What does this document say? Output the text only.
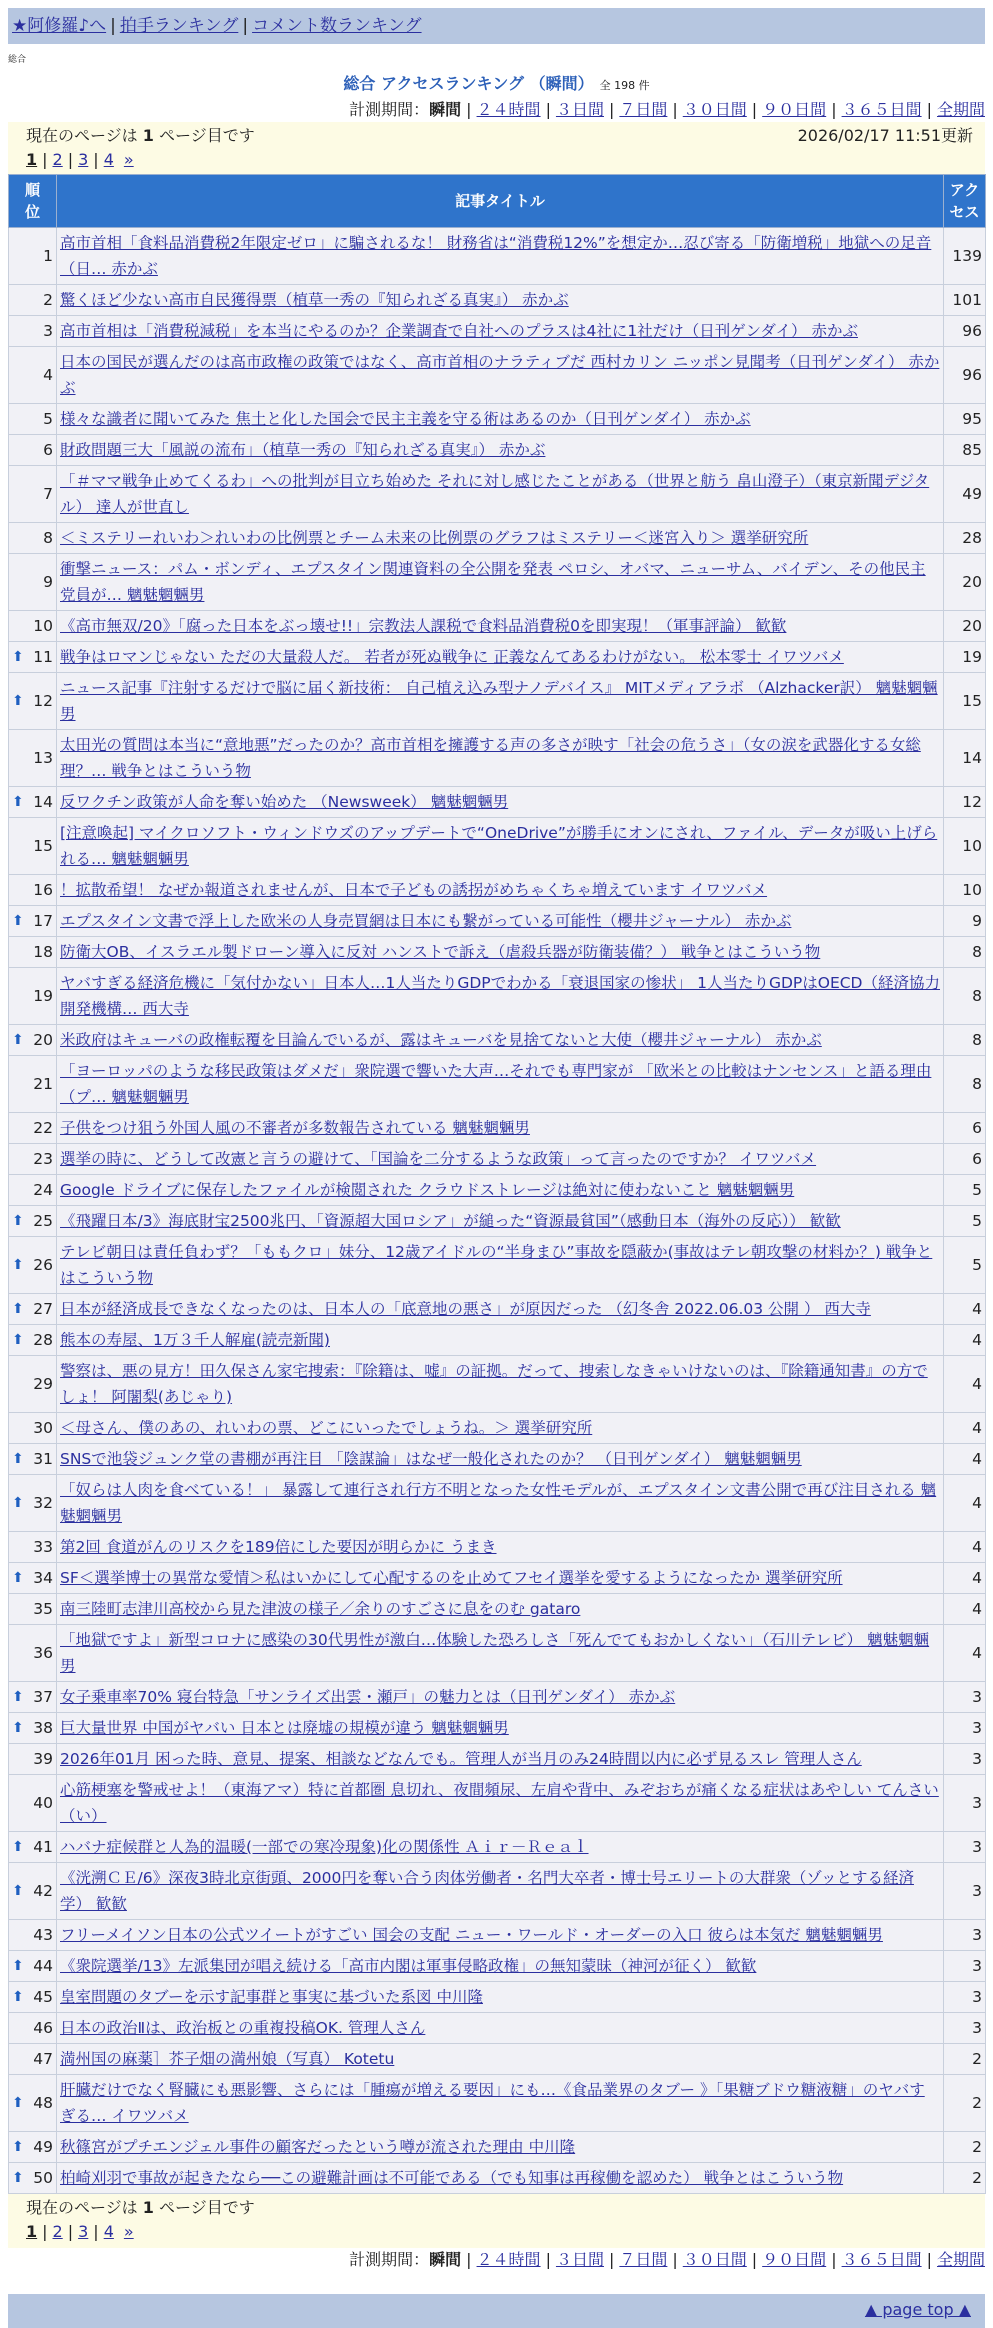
★阿修羅♪へ | 拍手ランキング | コメント数ランキング
総合
総合 アクセスランキング （瞬間） 全 198 件
計測期間：瞬間 | ２４時間 | ３日間 | ７日間 | ３０日間 | ９０日間 | ３６５日間 | 全期間
現在のページは 1 ページ目です	2026/02/17 11:51更新
1 | 2 | 3 | 4 »
順位	記事タイトル	アクセス
1	高市首相「食料品消費税2年限定ゼロ」に騙されるな！ 財務省は“消費税12%”を想定か…忍び寄る「防衛増税」地獄への足音（日… 赤かぶ	139
2	驚くほど少ない高市自民獲得票（植草一秀の『知られざる真実』） 赤かぶ	101
3	高市首相は「消費税減税」を本当にやるのか？企業調査で自社へのプラスは4社に1社だけ（日刊ゲンダイ） 赤かぶ	96
4	日本の国民が選んだのは高市政権の政策ではなく、高市首相のナラティブだ 西村カリン ニッポン見聞考（日刊ゲンダイ） 赤かぶ	96
5	様々な識者に聞いてみた 焦土と化した国会で民主主義を守る術はあるのか（日刊ゲンダイ） 赤かぶ	95
6	財政問題三大「風説の流布」（植草一秀の『知られざる真実』） 赤かぶ	85
7	「＃ママ戦争止めてくるわ」への批判が目立ち始めた それに対し感じたことがある（世界と舫う 畠山澄子）（東京新聞デジタル） 達人が世直し	49
8	＜ミステリーれいわ＞れいわの比例票とチーム未来の比例票のグラフはミステリー＜迷宮入り＞ 選挙研究所	28
9	衝撃ニュース：パム・ボンディ、エプスタイン関連資料の全公開を発表 ペロシ、オバマ、ニューサム、バイデン、その他民主党員が… 魑魅魍魎男	20
10	《高市無双/20》「腐った日本をぶっ壊せ!!」宗教法人課税で食料品消費税0を即実現！（軍事評論） 歓歓	20

⬆ 11	戦争はロマンじゃない ただの大量殺人だ。 若者が死ぬ戦争に 正義なんてあるわけがない。 松本零士 イワツバメ	19

⬆ 12	ニュース記事『注射するだけで脳に届く新技術： 自己植え込み型ナノデバイス』 MITメディアラボ （Alzhacker訳） 魑魅魍魎男	15
13	太田光の質問は本当に“意地悪”だったのか？高市首相を擁護する声の多さが映す「社会の危うさ」（女の涙を武器化する女総理？… 戦争とはこういう物	14

⬆ 14	反ワクチン政策が人命を奪い始めた （Newsweek） 魑魅魍魎男	12
15	[注意喚起] マイクロソフト・ウィンドウズのアップデートで“OneDrive”が勝手にオンにされ、ファイル、データが吸い上げられる… 魑魅魍魎男	10
16	！拡散希望！ なぜか報道されませんが、日本で子どもの誘拐がめちゃくちゃ増えています イワツバメ	10

⬆ 17	エプスタイン文書で浮上した欧米の人身売買網は日本にも繋がっている可能性（櫻井ジャーナル） 赤かぶ	9
18	防衛大OB、イスラエル製ドローン導入に反対 ハンストで訴え（虐殺兵器が防衛装備？） 戦争とはこういう物	8
19	ヤバすぎる経済危機に「気付かない」日本人…1人当たりGDPでわかる「衰退国家の惨状」 1人当たりGDPはOECD（経済協力開発機構… 西大寺	8

⬆ 20	米政府はキューバの政権転覆を目論んでいるが、露はキューバを見捨てないと大使（櫻井ジャーナル） 赤かぶ	8
21	「ヨーロッパのような移民政策はダメだ」衆院選で響いた大声…それでも専門家が 「欧米との比較はナンセンス」と語る理由（プ… 魑魅魍魎男	8
22	子供をつけ狙う外国人風の不審者が多数報告されている 魑魅魍魎男	6
23	選挙の時に、どうして改憲と言うの避けて、「国論を二分するような政策」って言ったのですか？ イワツバメ	6
24	Google ドライブに保存したファイルが検閲された クラウドストレージは絶対に使わないこと 魑魅魍魎男	5

⬆ 25	《飛躍日本/3》海底財宝2500兆円、「資源超大国ロシア」が縋った“資源最貧国”（感動日本（海外の反応）） 歓歓	5

⬆ 26	テレビ朝日は責任負わず？「ももクロ」妹分、12歳アイドルの“半身まひ”事故を隠蔽か(事故はテレ朝攻撃の材料か？) 戦争とはこういう物	5

⬆ 27	日本が経済成長できなくなったのは、日本人の「底意地の悪さ」が原因だった （幻冬舎 2022.06.03 公開 ） 西大寺	4

⬆ 28	熊本の寿屋、1万３千人解雇(読売新聞)	4
29	警察は、悪の見方！田久保さん家宅捜索：『除籍は、嘘』の証拠。だって、捜索しなきゃいけないのは、『除籍通知書』の方でしょ！ 阿闍梨(あじゃり)	4
30	＜母さん、僕のあの、れいわの票、どこにいったでしょうね。＞ 選挙研究所	4

⬆ 31	SNSで池袋ジュンク堂の書棚が再注目 「陰謀論」はなぜ一般化されたのか？ （日刊ゲンダイ） 魑魅魍魎男	4

⬆ 32	「奴らは人肉を食べている！」 暴露して連行され行方不明となった女性モデルが、エプスタイン文書公開で再び注目される 魑魅魍魎男	4
33	第2回 食道がんのリスクを189倍にした要因が明らかに うまき	4

⬆ 34	SF＜選挙博士の異常な愛情＞私はいかにして心配するのを止めてフセイ選挙を愛するようになったか 選挙研究所	4
35	南三陸町志津川高校から見た津波の様子／余りのすごさに息をのむ gataro	4
36	「地獄ですよ」新型コロナに感染の30代男性が激白…体験した恐ろしさ「死んでてもおかしくない」（石川テレビ） 魑魅魍魎男	4

⬆ 37	女子乗車率70% 寝台特急「サンライズ出雲・瀬戸」の魅力とは（日刊ゲンダイ） 赤かぶ	3

⬆ 38	巨大量世界 中国がヤバい 日本とは廃墟の規模が違う 魑魅魍魎男	3
39	2026年01月 困った時、意見、提案、相談などなんでも。管理人が当月のみ24時間以内に必ず見るスレ 管理人さん	3
40	心筋梗塞を警戒せよ！（東海アマ）特に首都圏 息切れ、夜間頻尿、左肩や背中、みぞおちが痛くなる症状はあやしい てんさい（い）	3

⬆ 41	ハバナ症候群と人為的温暖(一部での寒冷現象)化の関係性 Ａｉｒ－Ｒｅａｌ	3

⬆ 42	《洸溯ＣＥ/6》深夜3時北京街頭、2000円を奪い合う肉体労働者・名門大卒者・博士号エリートの大群衆（ゾッとする経済学） 歓歓	3
43	フリーメイソン日本の公式ツイートがすごい 国会の支配 ニュー・ワールド・オーダーの入口 彼らは本気だ 魑魅魍魎男	3

⬆ 44	《衆院選挙/13》左派集団が唱え続ける「高市内閣は軍事侵略政権」の無知蒙昧（神河が征く） 歓歓	3

⬆ 45	皇室問題のタブーを示す記事群と事実に基づいた系図 中川隆	3
46	日本の政治Ⅱは、政治板との重複投稿OK. 管理人さん	3
47	満州国の麻薬］芥子畑の満州娘（写真） Kotetu	2

⬆ 48	肝臓だけでなく腎臓にも悪影響、さらには「腫瘍が増える要因」にも…《食品業界のタブー 》「果糖ブドウ糖液糖」のヤバすぎる… イワツバメ	2

⬆ 49	秋篠宮がプチエンジェル事件の顧客だったという噂が流された理由 中川隆	2

⬆ 50	柏崎刈羽で事故が起きたなら──この避難計画は不可能である（でも知事は再稼働を認めた） 戦争とはこういう物	2
現在のページは 1 ページ目です
1 | 2 | 3 | 4 »
計測期間：瞬間 | ２４時間 | ３日間 | ７日間 | ３０日間 | ９０日間 | ３６５日間 | 全期間
▲ page top ▲
